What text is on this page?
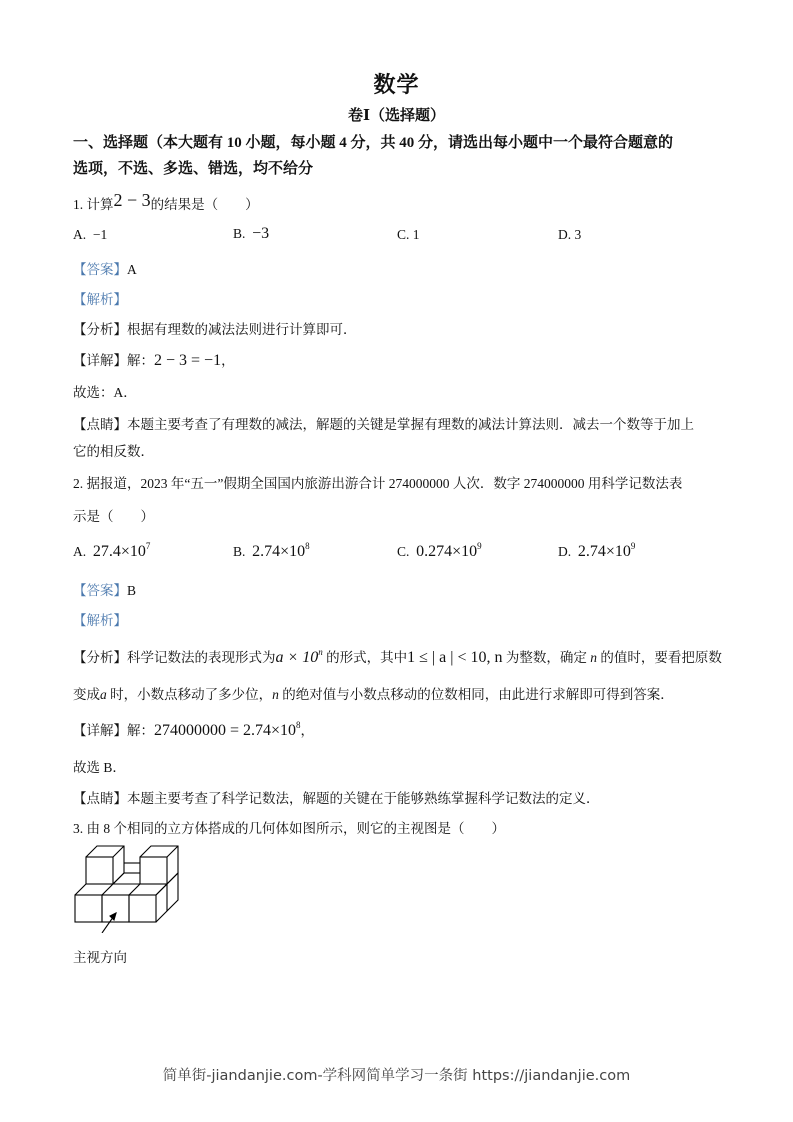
数学
卷Ⅰ（选择题）
一、选择题（本大题有 10 小题，每小题 4 分，共 40 分，请选出每小题中一个最符合题意的
选项，不选、多选、错选，均不给分
1. 计算2 − 3的结果是（　　）
A. −1	B. −3	C. 1	D. 3
【答案】A
【解析】
【分析】根据有理数的减法法则进行计算即可．
【详解】解：2 − 3 = −1，
故选：A．
【点睛】本题主要考查了有理数的减法，解题的关键是掌握有理数的减法计算法则．减去一个数等于加上
它的相反数．
2. 据报道，2023 年“五一”假期全国国内旅游出游合计 274000000 人次．数字 274000000 用科学记数法表
示是（　　）
A. $27.4\times 10^7$	B. $2.74\times 10^8$	C. $0.274\times 10^9$	D. $2.74\times 10^9$
【答案】B
【解析】
【分析】科学记数法的表现形式为$a \times 10^n$ 的形式，其中1 ≤ | a | < 10, n 为整数，确定 n 的值时，要看把原数
变成a 时，小数点移动了多少位，n 的绝对值与小数点移动的位数相同，由此进行求解即可得到答案．
【详解】解：$274000000 = 2.74\times 10^8$，
故选 B．
【点睛】本题主要考查了科学记数法，解题的关键在于能够熟练掌握科学记数法的定义．
3. 由 8 个相同的立方体搭成的几何体如图所示，则它的主视图是（　　）
主视方向
简单街-jiandanjie.com-学科网简单学习一条街 https://jiandanjie.com
